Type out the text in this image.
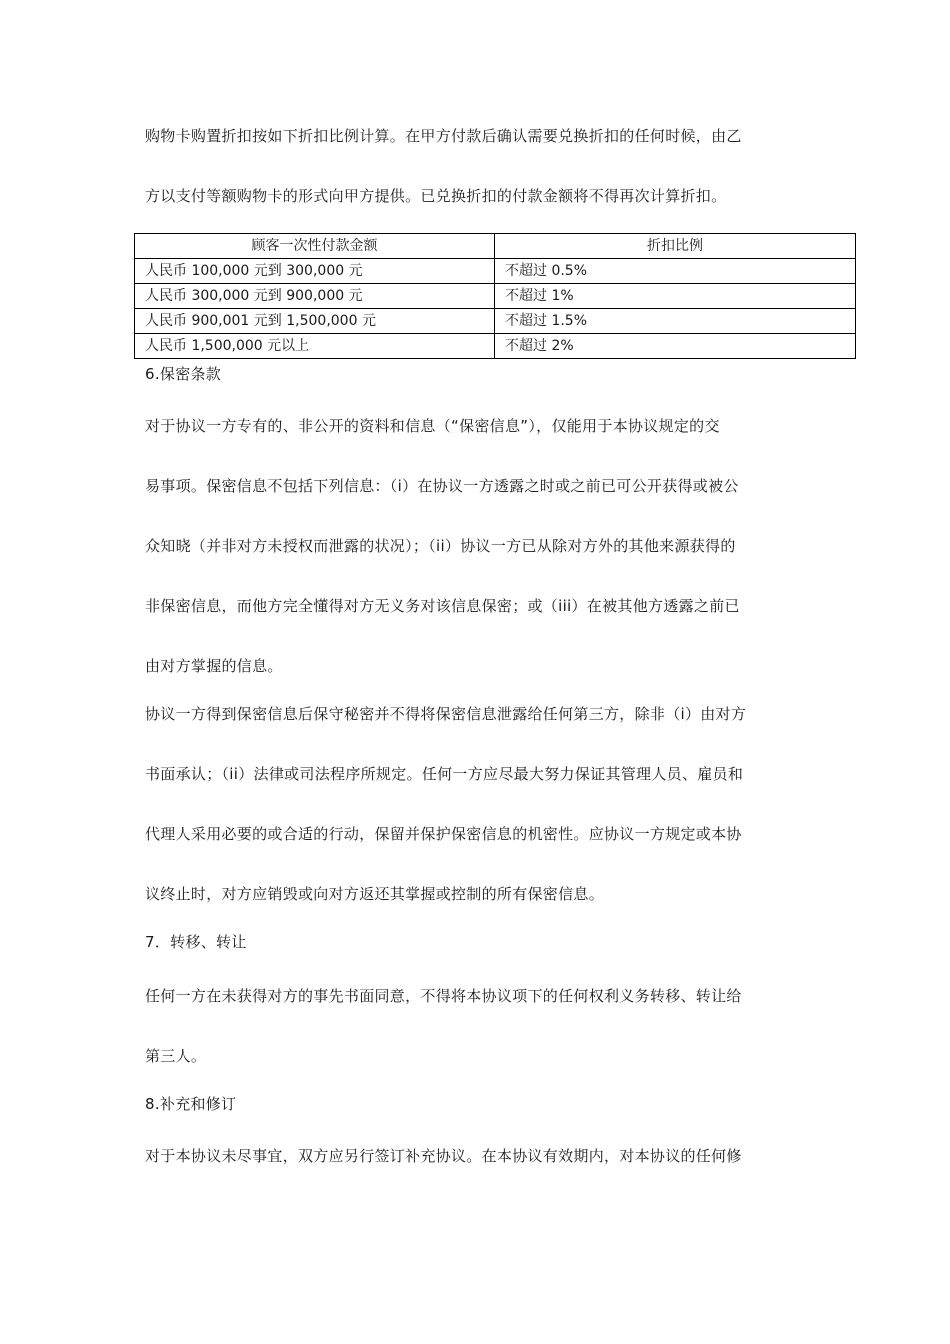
购物卡购置折扣按如下折扣比例计算。在甲方付款后确认需要兑换折扣的任何时候，由乙

方以支付等额购物卡的形式向甲方提供。已兑换折扣的付款金额将不得再次计算折扣。

顾客一次性付款金额	折扣比例
人民币 100,000 元到 300,000 元	不超过 0.5%
人民币 300,000 元到 900,000 元	不超过 1%
人民币 900,001 元到 1,500,000 元	不超过 1.5%
人民币 1,500,000 元以上	不超过 2%

6.保密条款

对于协议一方专有的、非公开的资料和信息（“保密信息”），仅能用于本协议规定的交

易事项。保密信息不包括下列信息：（i）在协议一方透露之时或之前已可公开获得或被公

众知晓（并非对方未授权而泄露的状况）；（ii）协议一方已从除对方外的其他来源获得的

非保密信息，而他方完全懂得对方无义务对该信息保密；或（iii）在被其他方透露之前已

由对方掌握的信息。

协议一方得到保密信息后保守秘密并不得将保密信息泄露给任何第三方，除非（i）由对方

书面承认；（ii）法律或司法程序所规定。任何一方应尽最大努力保证其管理人员、雇员和

代理人采用必要的或合适的行动，保留并保护保密信息的机密性。应协议一方规定或本协

议终止时，对方应销毁或向对方返还其掌握或控制的所有保密信息。

7．转移、转让

任何一方在未获得对方的事先书面同意，不得将本协议项下的任何权利义务转移、转让给

第三人。

8.补充和修订

对于本协议未尽事宜，双方应另行签订补充协议。在本协议有效期内，对本协议的任何修
